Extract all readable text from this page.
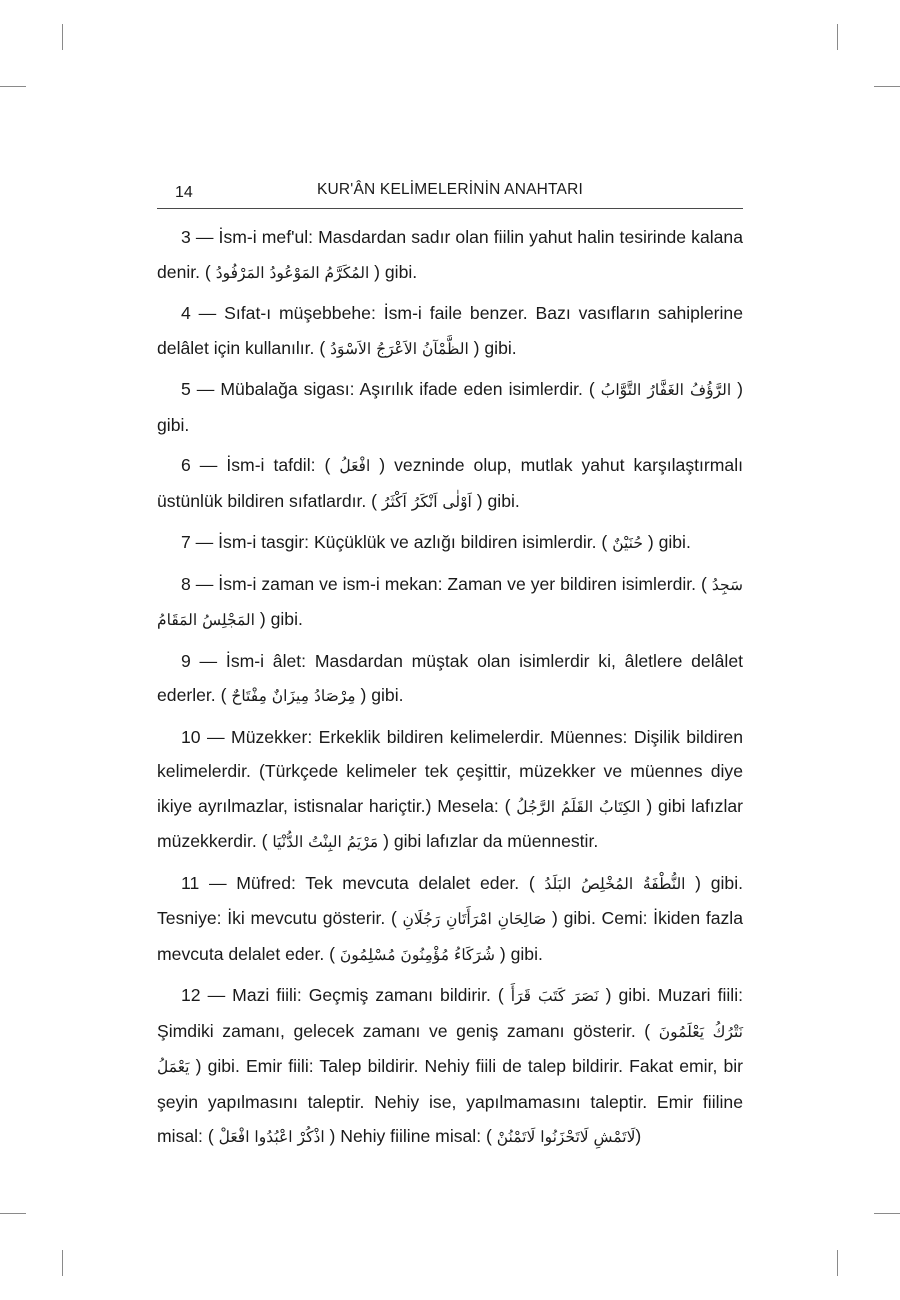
14	KUR'ÂN KELİMELERİNİN ANAHTARI

3 — İsm-i mef'ul: Masdardan sadır olan fiilin yahut halin tesirinde kalana denir. ( المُكَرَّمُ المَوْعُودُ المَرْفُودُ ) gibi.

4 — Sıfat-ı müşebbehe: İsm-i faile benzer. Bazı vasıfların sahiplerine delâlet için kullanılır. ( الظَّمْآنُ الاَعْرَجُ الاَسْوَدُ ) gibi.

5 — Mübalağa sigası: Aşırılık ifade eden isimlerdir. ( الرَّؤُفُ الغَفَّارُ التَّوَّابُ ) gibi.

6 — İsm-i tafdil: ( افْعَلُ ) vezninde olup, mutlak yahut karşılaştırmalı üstünlük bildiren sıfatlardır. ( اَوْلٰى اَنْكَرُ اَكْثَرُ ) gibi.

7 — İsm-i tasgir: Küçüklük ve azlığı bildiren isimlerdir. ( حُنَيْنٌ ) gibi.

8 — İsm-i zaman ve ism-i mekan: Zaman ve yer bildiren isimlerdir. ( سَجِدُ المَجْلِسُ المَقَامُ ) gibi.

9 — İsm-i âlet: Masdardan müştak olan isimlerdir ki, âletlere delâlet ederler. ( مِرْصَادُ مِيزَانٌ مِفْتَاحٌ ) gibi.

10 — Müzekker: Erkeklik bildiren kelimelerdir. Müennes: Dişilik bildiren kelimelerdir. (Türkçede kelimeler tek çeşittir, müzekker ve müennes diye ikiye ayrılmazlar, istisnalar hariçtir.) Mesela: ( الكِتَابُ القَلَمُ الرَّجُلُ ) gibi lafızlar müzekkerdir. ( مَرْيَمُ البِنْتُ الدُّنْيَا ) gibi lafızlar da müennestir.

11 — Müfred: Tek mevcuta delalet eder. ( النُّطْفَةُ المُخْلِصُ البَلَدُ ) gibi. Tesniye: İki mevcutu gösterir. ( صَالِحَانِ امْرَأَتَانِ رَجُلَانِ ) gibi. Cemi: İkiden fazla mevcuta delalet eder. ( شُرَكَاءُ مُؤْمِنُونَ مُسْلِمُونَ ) gibi.

12 — Mazi fiili: Geçmiş zamanı bildirir. ( نَصَرَ كَتَبَ قَرَأَ ) gibi. Muzari fiili: Şimdiki zamanı, gelecek zamanı ve geniş zamanı gösterir. ( نَتْرُكُ يَعْلَمُونَ يَعْمَلُ ) gibi. Emir fiili: Talep bildirir. Nehiy fiili de talep bildirir. Fakat emir, bir şeyin yapılmasını taleptir. Nehiy ise, yapılmamasını taleptir. Emir fiiline misal: ( اذْكُرْ اعْبُدُوا افْعَلْ ) Nehiy fiiline misal: ( لَاتَمْشِ لَاتَحْزَنُوا لَاتَمْنُنْ)
